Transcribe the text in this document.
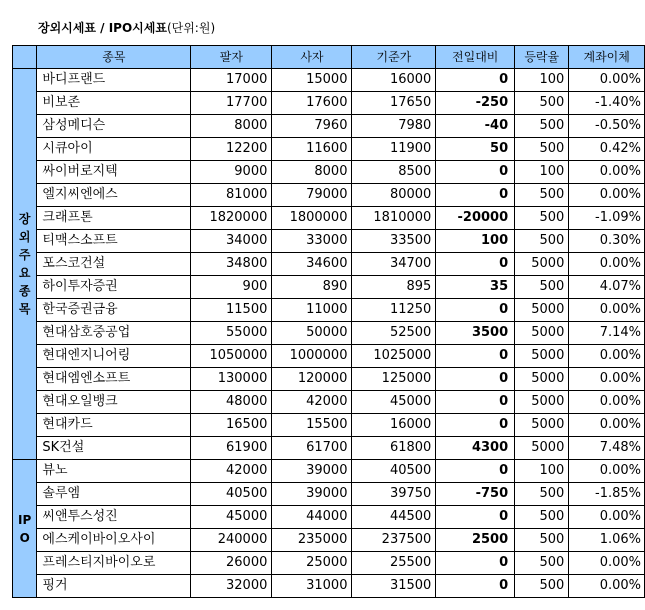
장외시세표 / IPO시세표(단위:원)
	종목	팔자	사자	기준가	전일대비	등락율	계좌이체
장외주요종목	바디프랜드	17000	15000	16000	0	100	0.00%
	비보존	17700	17600	17650	-250	500	-1.40%
	삼성메디슨	8000	7960	7980	-40	500	-0.50%
	시큐아이	12200	11600	11900	50	500	0.42%
	싸이버로지텍	9000	8000	8500	0	100	0.00%
	엘지씨엔에스	81000	79000	80000	0	500	0.00%
	크래프톤	1820000	1800000	1810000	-20000	500	-1.09%
	티맥스소프트	34000	33000	33500	100	500	0.30%
	포스코건설	34800	34600	34700	0	5000	0.00%
	하이투자증권	900	890	895	35	500	4.07%
	한국증권금융	11500	11000	11250	0	5000	0.00%
	현대삼호중공업	55000	50000	52500	3500	5000	7.14%
	현대엔지니어링	1050000	1000000	1025000	0	5000	0.00%
	현대엠엔소프트	130000	120000	125000	0	5000	0.00%
	현대오일뱅크	48000	42000	45000	0	5000	0.00%
	현대카드	16500	15500	16000	0	5000	0.00%
	SK건설	61900	61700	61800	4300	5000	7.48%
IPO	뷰노	42000	39000	40500	0	100	0.00%
	솔루엠	40500	39000	39750	-750	500	-1.85%
	씨앤투스성진	45000	44000	44500	0	500	0.00%
	에스케이바이오사이	240000	235000	237500	2500	500	1.06%
	프레스티지바이오로	26000	25000	25500	0	500	0.00%
	핑거	32000	31000	31500	0	500	0.00%
